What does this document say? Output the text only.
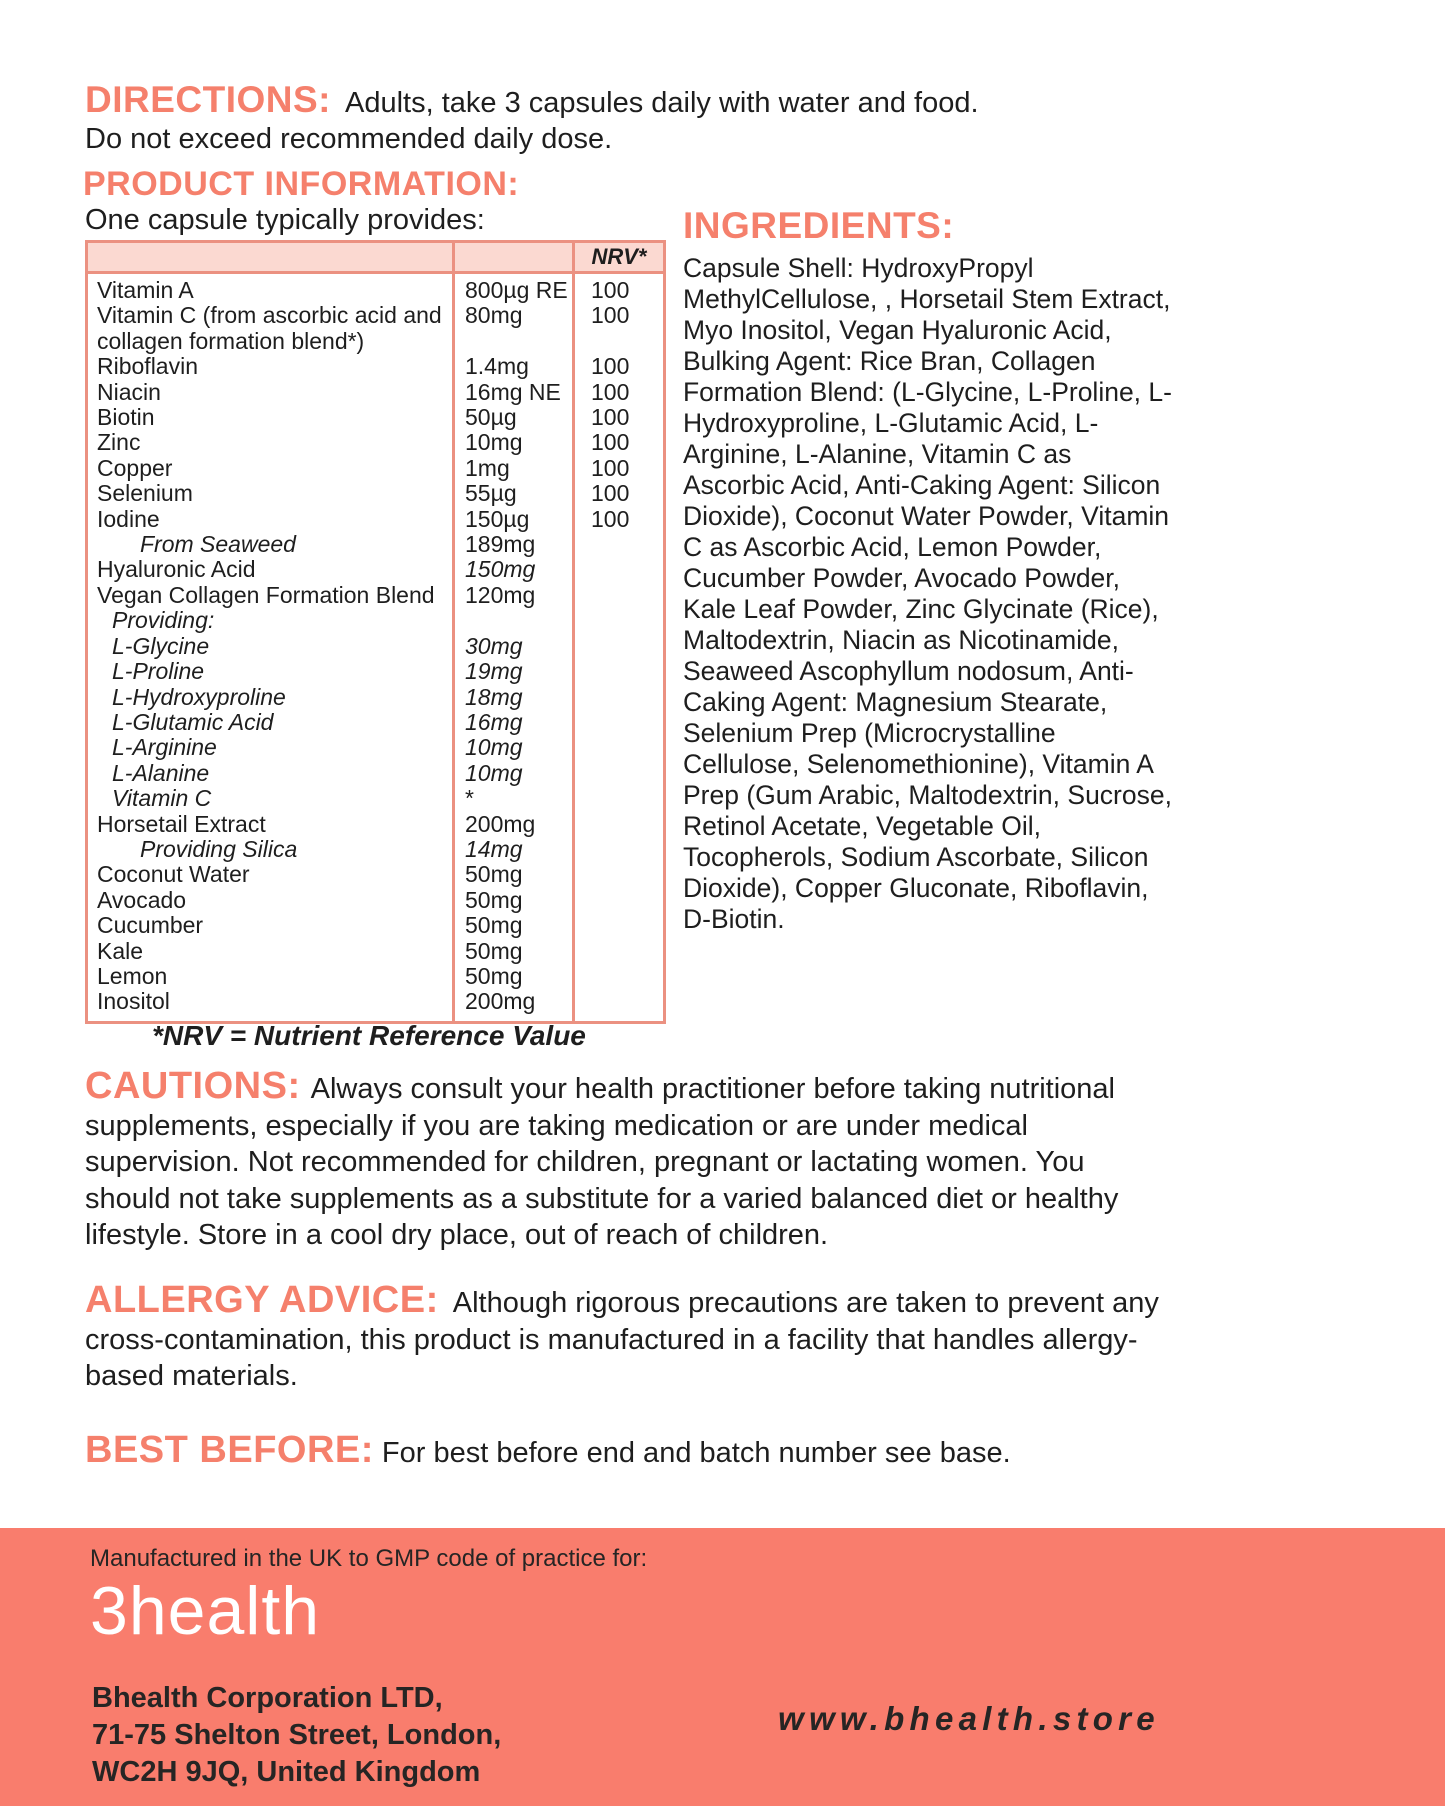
DIRECTIONS: Adults, take 3 capsules daily with water and food.
Do not exceed recommended daily dose.
PRODUCT INFORMATION:
One capsule typically provides:
		NRV*
Vitamin A	800µg RE	100
Vitamin C (from ascorbic acid and collagen formation blend*)	80mg	100
Riboflavin	1.4mg	100
Niacin	16mg NE	100
Biotin	50µg	100
Zinc	10mg	100
Copper	1mg	100
Selenium	55µg	100
Iodine	150µg	100
From Seaweed	189mg	
Hyaluronic Acid	150mg	
Vegan Collagen Formation Blend	120mg	
Providing:		
L-Glycine	30mg	
L-Proline	19mg	
L-Hydroxyproline	18mg	
L-Glutamic Acid	16mg	
L-Arginine	10mg	
L-Alanine	10mg	
Vitamin C	*	
Horsetail Extract	200mg	
Providing Silica	14mg	
Coconut Water	50mg	
Avocado	50mg	
Cucumber	50mg	
Kale	50mg	
Lemon	50mg	
Inositol	200mg	
*NRV = Nutrient Reference Value
INGREDIENTS:
Capsule Shell: HydroxyPropyl MethylCellulose, , Horsetail Stem Extract, Myo Inositol, Vegan Hyaluronic Acid, Bulking Agent: Rice Bran, Collagen Formation Blend: (L-Glycine, L-Proline, L-Hydroxyproline, L-Glutamic Acid, L-Arginine, L-Alanine, Vitamin C as Ascorbic Acid, Anti-Caking Agent: Silicon Dioxide), Coconut Water Powder, Vitamin C as Ascorbic Acid, Lemon Powder, Cucumber Powder, Avocado Powder, Kale Leaf Powder, Zinc Glycinate (Rice), Maltodextrin, Niacin as Nicotinamide, Seaweed Ascophyllum nodosum, Anti-Caking Agent: Magnesium Stearate, Selenium Prep (Microcrystalline Cellulose, Selenomethionine), Vitamin A Prep (Gum Arabic, Maltodextrin, Sucrose, Retinol Acetate, Vegetable Oil, Tocopherols, Sodium Ascorbate, Silicon Dioxide), Copper Gluconate, Riboflavin, D-Biotin.
CAUTIONS: Always consult your health practitioner before taking nutritional supplements, especially if you are taking medication or are under medical supervision. Not recommended for children, pregnant or lactating women. You should not take supplements as a substitute for a varied balanced diet or healthy lifestyle. Store in a cool dry place, out of reach of children.
ALLERGY ADVICE: Although rigorous precautions are taken to prevent any cross-contamination, this product is manufactured in a facility that handles allergy-based materials.
BEST BEFORE: For best before end and batch number see base.
Manufactured in the UK to GMP code of practice for:
3health
Bhealth Corporation LTD,
71-75 Shelton Street, London,
WC2H 9JQ, United Kingdom
www.bhealth.store
